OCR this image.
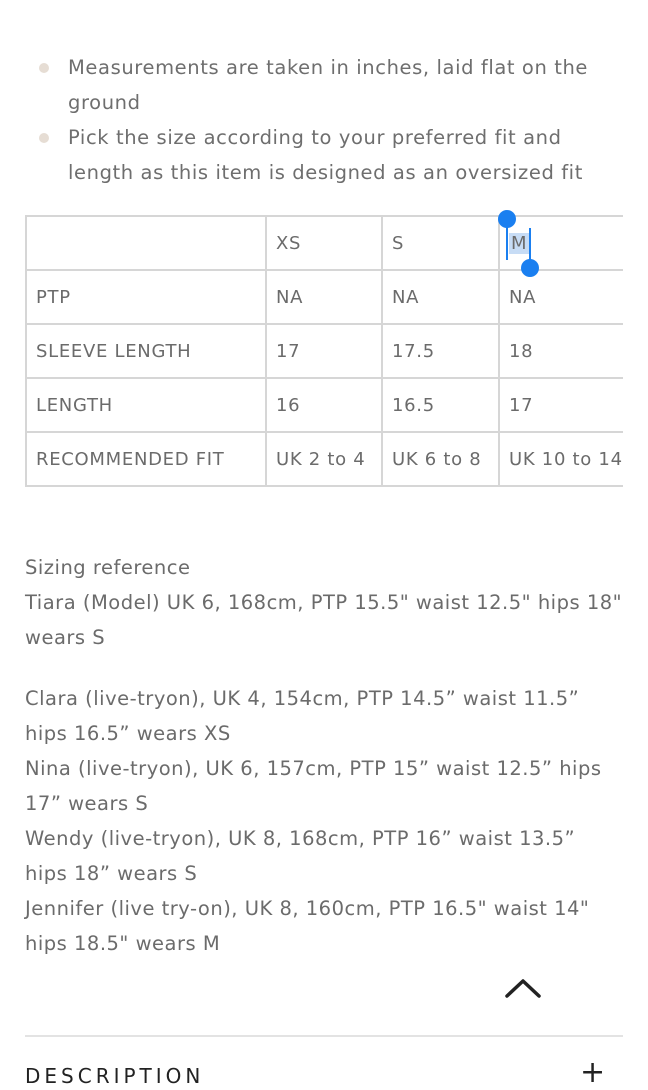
Measurements are taken in inches, laid flat on the ground
Pick the size according to your preferred fit and length as this item is designed as an oversized fit
	XS	S	M
PTP	NA	NA	NA
SLEEVE LENGTH	17	17.5	18
LENGTH	16	16.5	17
RECOMMENDED FIT	UK 2 to 4	UK 6 to 8	UK 10 to 14

Sizing reference

Tiara (Model) UK 6, 168cm, PTP 15.5" waist 12.5" hips 18"

wears S

Clara (live-tryon), UK 4, 154cm, PTP 14.5” waist 11.5”

hips 16.5” wears XS

Nina (live-tryon), UK 6, 157cm, PTP 15” waist 12.5” hips

17” wears S

Wendy (live-tryon), UK 8, 168cm, PTP 16” waist 13.5”

hips 18” wears S

Jennifer (live try-on), UK 8, 160cm, PTP 16.5" waist 14"

hips 18.5" wears M

DESCRIPTION	+
